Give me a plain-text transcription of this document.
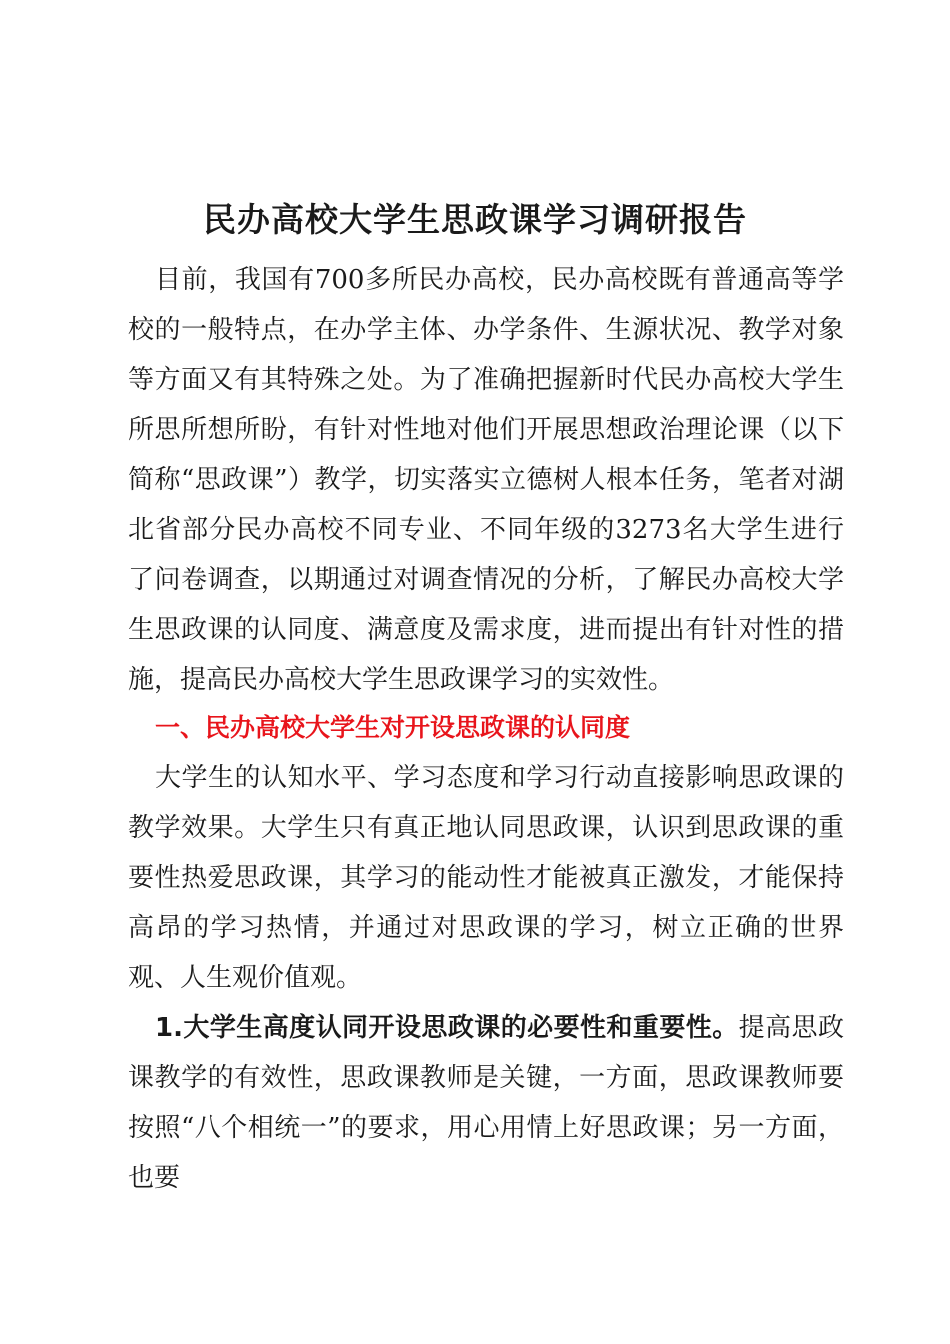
民办高校大学生思政课学习调研报告

目前，我国有700多所民办高校，民办高校既有普通高等学校的一般特点，在办学主体、办学条件、生源状况、教学对象等方面又有其特殊之处。为了准确把握新时代民办高校大学生所思所想所盼，有针对性地对他们开展思想政治理论课（以下简称“思政课”）教学，切实落实立德树人根本任务，笔者对湖北省部分民办高校不同专业、不同年级的3273名大学生进行了问卷调查，以期通过对调查情况的分析，了解民办高校大学生思政课的认同度、满意度及需求度，进而提出有针对性的措施，提高民办高校大学生思政课学习的实效性。

一、民办高校大学生对开设思政课的认同度

大学生的认知水平、学习态度和学习行动直接影响思政课的教学效果。大学生只有真正地认同思政课，认识到思政课的重要性热爱思政课，其学习的能动性才能被真正激发，才能保持高昂的学习热情，并通过对思政课的学习，树立正确的世界观、人生观价值观。

1.大学生高度认同开设思政课的必要性和重要性。提高思政课教学的有效性，思政课教师是关键，一方面，思政课教师要按照“八个相统一”的要求，用心用情上好思政课；另一方面，也要
